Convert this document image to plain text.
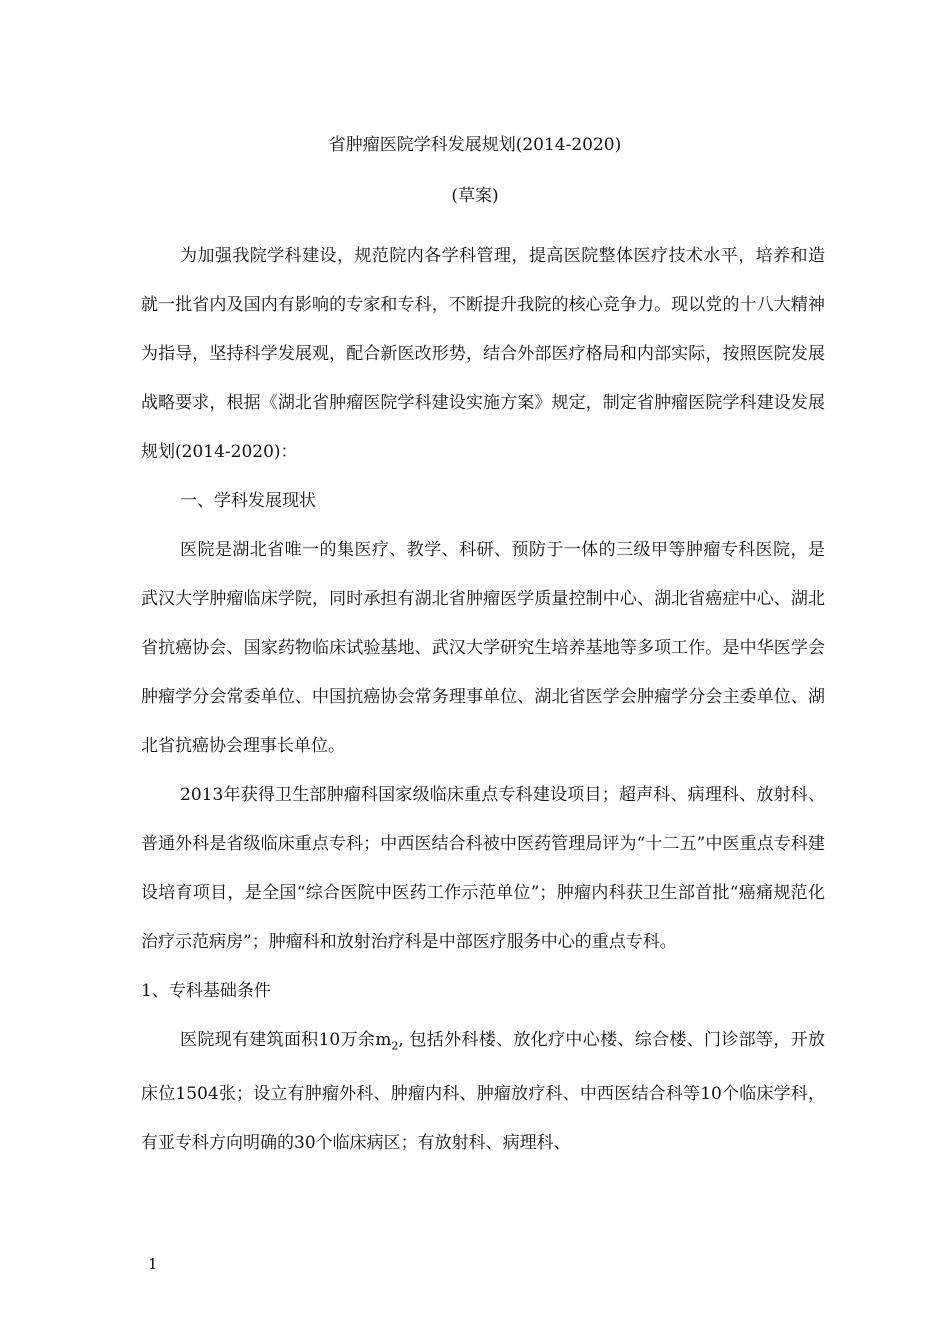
省肿瘤医院学科发展规划(2014-2020)
(草案)

为加强我院学科建设，规范院内各学科管理，提高医院整体医疗技术水平，培养和造就一批省内及国内有影响的专家和专科，不断提升我院的核心竞争力。现以党的十八大精神为指导，坚持科学发展观，配合新医改形势，结合外部医疗格局和内部实际，按照医院发展战略要求，根据《湖北省肿瘤医院学科建设实施方案》规定，制定省肿瘤医院学科建设发展规划(2014-2020)：

一、学科发展现状

医院是湖北省唯一的集医疗、教学、科研、预防于一体的三级甲等肿瘤专科医院，是武汉大学肿瘤临床学院，同时承担有湖北省肿瘤医学质量控制中心、湖北省癌症中心、湖北省抗癌协会、国家药物临床试验基地、武汉大学研究生培养基地等多项工作。是中华医学会肿瘤学分会常委单位、中国抗癌协会常务理事单位、湖北省医学会肿瘤学分会主委单位、湖北省抗癌协会理事长单位。

2013年获得卫生部肿瘤科国家级临床重点专科建设项目；超声科、病理科、放射科、普通外科是省级临床重点专科；中西医结合科被中医药管理局评为“十二五”中医重点专科建设培育项目，是全国“综合医院中医药工作示范单位”；肿瘤内科获卫生部首批“癌痛规范化治疗示范病房”；肿瘤科和放射治疗科是中部医疗服务中心的重点专科。

1、专科基础条件

医院现有建筑面积10万余$m_2$, 包括外科楼、放化疗中心楼、综合楼、门诊部等，开放床位1504张；设立有肿瘤外科、肿瘤内科、肿瘤放疗科、中西医结合科等10个临床学科，有亚专科方向明确的30个临床病区；有放射科、病理科、

1
